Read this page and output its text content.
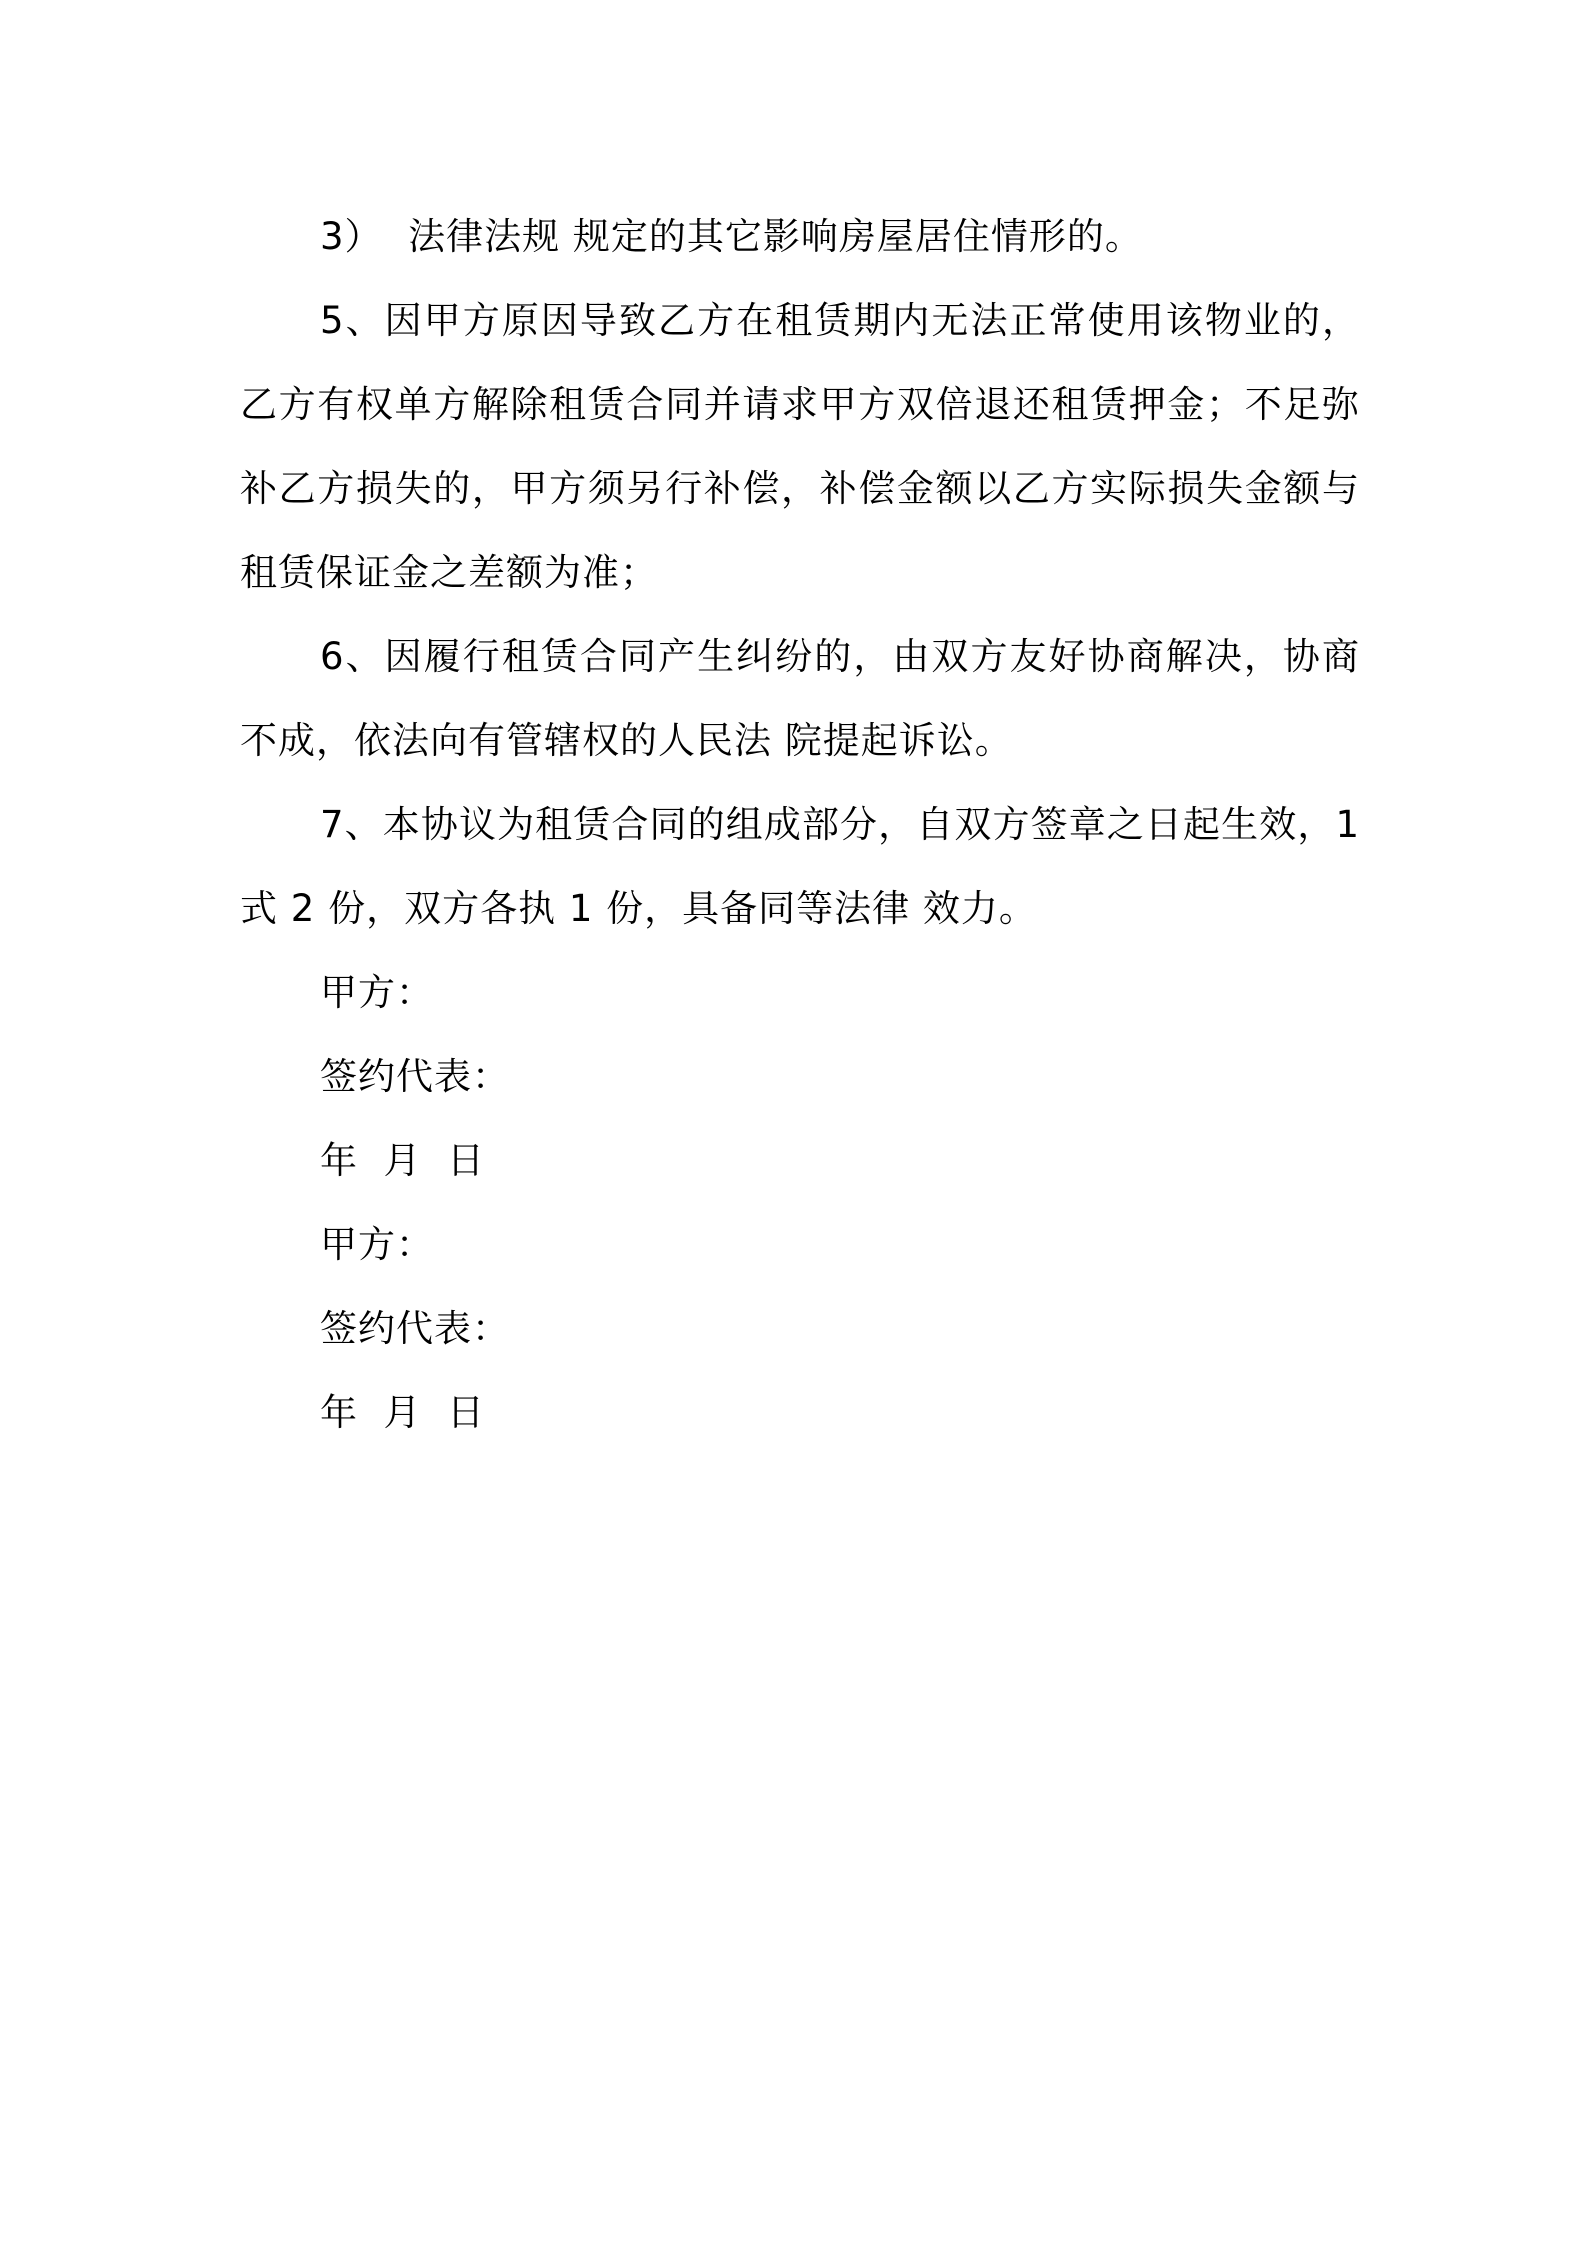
3）  法律法规 规定的其它影响房屋居住情形的。

5、因甲方原因导致乙方在租赁期内无法正常使用该物业的，乙方有权单方解除租赁合同并请求甲方双倍退还租赁押金；不足弥补乙方损失的，甲方须另行补偿，补偿金额以乙方实际损失金额与租赁保证金之差额为准；

6、因履行租赁合同产生纠纷的，由双方友好协商解决，协商不成，依法向有管辖权的人民法 院提起诉讼。

7、本协议为租赁合同的组成部分，自双方签章之日起生效，1 式 2 份，双方各执 1 份，具备同等法律 效力。

甲方：

签约代表：

年  月  日

甲方：

签约代表：

年  月  日
